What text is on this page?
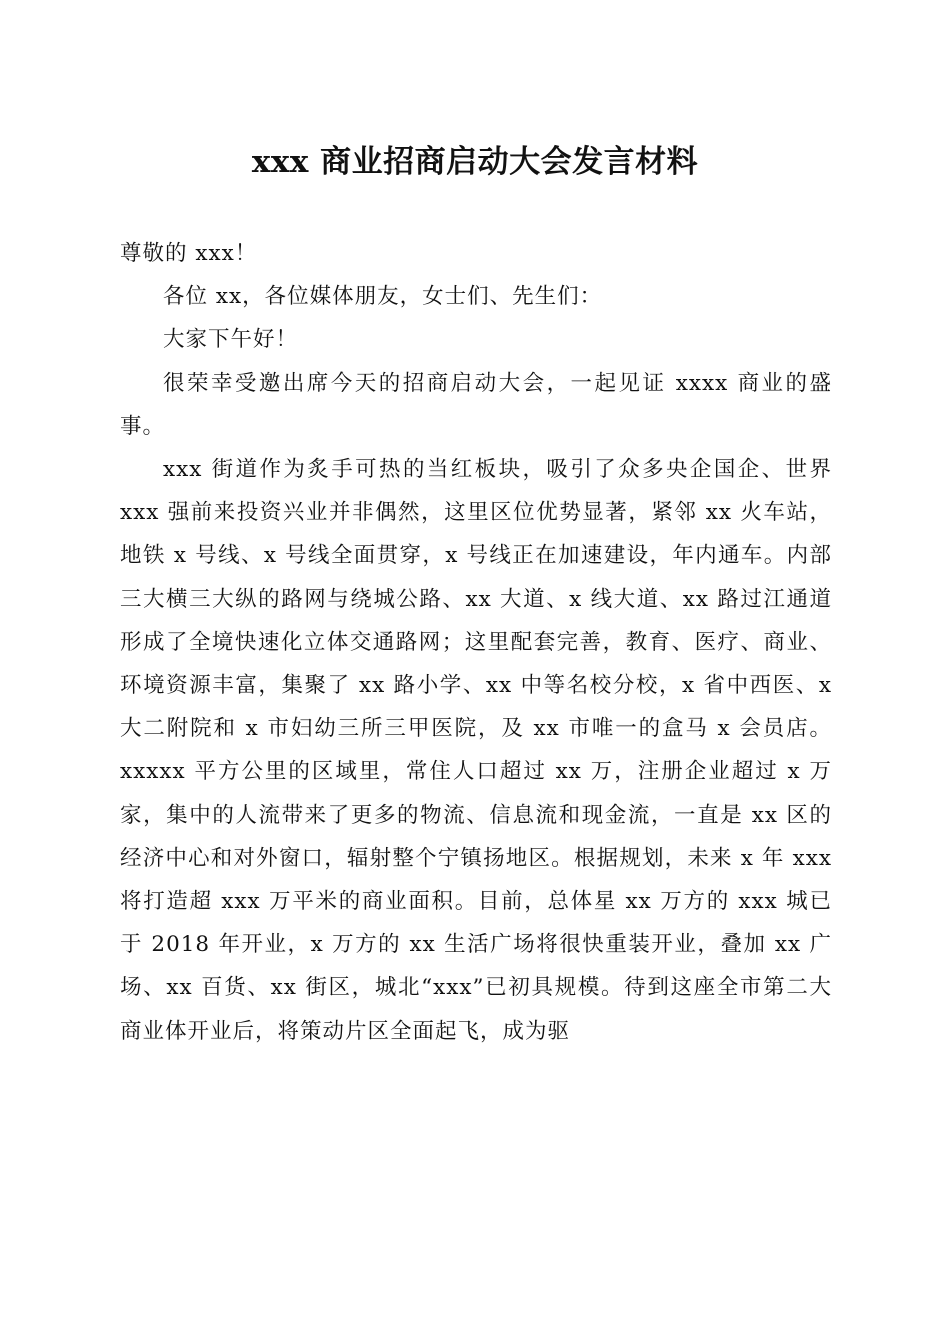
xxx 商业招商启动大会发言材料

尊敬的 xxx！

各位 xx，各位媒体朋友，女士们、先生们：

大家下午好！

很荣幸受邀出席今天的招商启动大会，一起见证 xxxx 商业的盛事。

xxx 街道作为炙手可热的当红板块，吸引了众多央企国企、世界 xxx 强前来投资兴业并非偶然，这里区位优势显著，紧邻 xx 火车站，地铁 x 号线、x 号线全面贯穿，x 号线正在加速建设，年内通车。内部三大横三大纵的路网与绕城公路、xx 大道、x 线大道、xx 路过江通道形成了全境快速化立体交通路网；这里配套完善，教育、医疗、商业、环境资源丰富，集聚了 xx 路小学、xx 中等名校分校，x 省中西医、x 大二附院和 x 市妇幼三所三甲医院，及 xx 市唯一的盒马 x 会员店。xxxxx 平方公里的区域里，常住人口超过 xx 万，注册企业超过 x 万家，集中的人流带来了更多的物流、信息流和现金流，一直是 xx 区的经济中心和对外窗口，辐射整个宁镇扬地区。根据规划，未来 x 年 xxx 将打造超 xxx 万平米的商业面积。目前，总体星 xx 万方的 xxx 城已于 2018 年开业，x 万方的 xx 生活广场将很快重装开业，叠加 xx 广场、xx 百货、xx 街区，城北“xxx”已初具规模。待到这座全市第二大商业体开业后，将策动片区全面起飞，成为驱
